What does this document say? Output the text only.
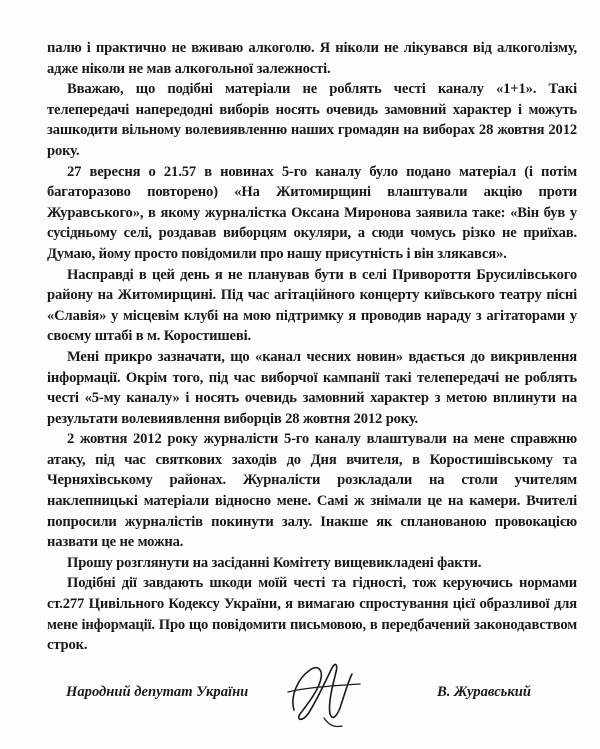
палю і практично не вживаю алкоголю. Я ніколи не лікувався від алкоголізму, адже ніколи не мав алкогольної залежності.

Вважаю, що подібні матеріали не роблять честі каналу «1+1». Такі телепередачі напередодні виборів носять очевидь замовний характер і можуть зашкодити вільному волевиявленню наших громадян на виборах 28 жовтня 2012 року.

27 вересня о 21.57 в новинах 5-го каналу було подано матеріал (і потім багаторазово повторено) «На Житомирщині влаштували акцію проти Журавського», в якому журналістка Оксана Миронова заявила таке: «Він був у сусідньому селі, роздавав виборцям окуляри, а сюди чомусь різко не приїхав. Думаю, йому просто повідомили про нашу присутність і він злякався».

Насправді в цей день я не планував бути в селі Привороття Брусилівського району на Житомирщині. Під час агітаційного концерту київського театру пісні «Славія» у місцевім клубі на мою підтримку я проводив нараду з агітаторами у своєму штабі в м. Коростишеві.

Мені прикро зазначати, що «канал чесних новин» вдається до викривлення інформації. Окрім того, під час виборчої кампанії такі телепередачі не роблять честі «5-му каналу» і носять очевидь замовний характер з метою вплинути на результати волевиявлення виборців 28 жовтня 2012 року.

2 жовтня 2012 року журналісти 5-го каналу влаштували на мене справжню атаку, під час святкових заходів до Дня вчителя, в Коростишівському та Черняхівському районах. Журналісти розкладали на столи учителям наклепницькі матеріали відносно мене. Самі ж знімали це на камери. Вчителі попросили журналістів покинути залу. Інакше як спланованою провокацією назвати це не можна.

Прошу розглянути на засіданні Комітету вищевикладені факти.

Подібні дії завдають шкоди моїй честі та гідності, тож керуючись нормами ст.277 Цивільного Кодексу України, я вимагаю спростування цієї образливої для мене інформації. Про що повідомити письмовою, в передбачений законодавством строк.

Народний депутат України	В. Журавський
